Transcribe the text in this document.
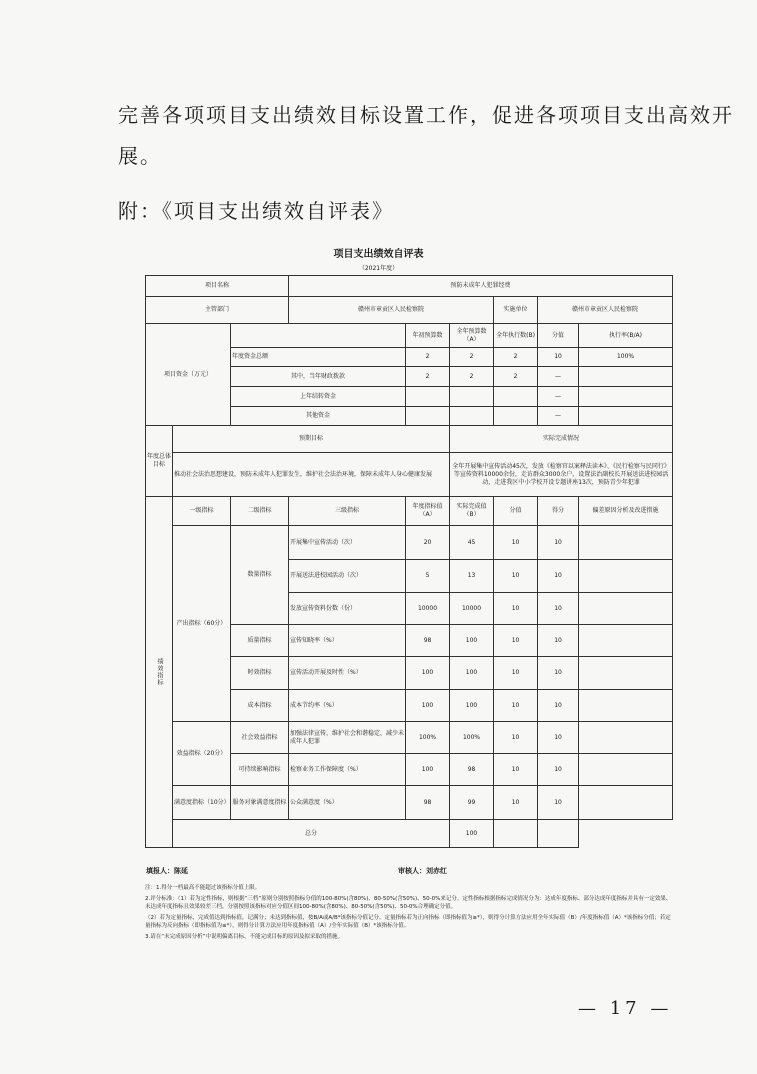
完善各项项目支出绩效目标设置工作，促进各项项目支出高效开
展。
附：《项目支出绩效自评表》
项目支出绩效自评表
（2021年度）
项目名称			预防未成年人犯罪经费					
主管部门			赣州市章贡区人民检察院			实施单位	赣州市章贡区人民检察院	
项目资金（万元）				年初预算数	全年预算数（A）	全年执行数(B)	分值	执行率(B/A)
		年度资金总额		2	2	2	10	100%
		其中，当年财政拨款		2	2	2	—	
		上年结转资金					—	
		其他资金					—	
年度总体目标	预期目标				实际完成情况			
	推动社会法治思想建设，预防未成年人犯罪发生，维护社会法治环境，保障未成年人身心健康发展				全年开展集中宣传活动45次，发放《检察官以案释法读本》、《民行检察与民同行》等宣传资料10000余份，走访群众3000余户，设置法治副校长开展送法进校园活动，走进我区中小学校开设专题讲座13次，预防青少年犯罪			
绩效指标	一级指标	二级指标	三级指标	年度指标值（A）	实际完成值（B）	分值	得分	偏差原因分析及改进措施
	产出指标（60分）	数量指标	开展集中宣传活动（次）	20	45	10	10	
			开展送法进校园活动（次）	5	13	10	10	
			发放宣传资料份数（份）	10000	10000	10	10	
		质量指标	宣传知晓率（%）	98	100	10	10	
		时效指标	宣传活动开展及时性（%）	100	100	10	10	
		成本指标	成本节约率（%）	100	100	10	10	
	效益指标（20分）	社会效益指标	加强法律宣传，维护社会和谐稳定，减少未成年人犯罪	100%	100%	10	10	
		可持续影响指标	检察业务工作保障度（%）	100	98	10	10	
	满意度指标（10分）	服务对象满意度指标	公众满意度（%）	98	99	10	10	
	总分				100			
填报人：陈延	审核人：刘赤红
注：1.得分一档最高不能超过该指标分值上限。
2.评分标准：（1）若为定性指标，则根据“三档”原则分别按照指标分值的100-80%(含80%)、80-50%(含50%)、50-0%来记分。定性指标根据指标完成情况分为：达成年度指标、部分达成年度指标并具有一定效果、未达成年度指标且效果较差三档，分别按照该指标对应分值区间100-80%(含80%)、80-50%(含50%)、50-0%合理确定分值。
（2）若为定量指标，完成值达到指标值，记满分；未达到指标值，按B/A或A/B*该指标分值记分。定量指标若为正向指标（即指标值为≥*），则得分计算方法应用全年实际值（B）/年度指标值（A）*该指标分值；若定量指标为反向指标（即指标值为≤*），则得分计算方法应用年度指标值（A）/全年实际值（B）*该指标分值。
3.请在“未完成原因分析”中说明偏离目标、不能完成目标的原因及拟采取的措施。
— 17 —
